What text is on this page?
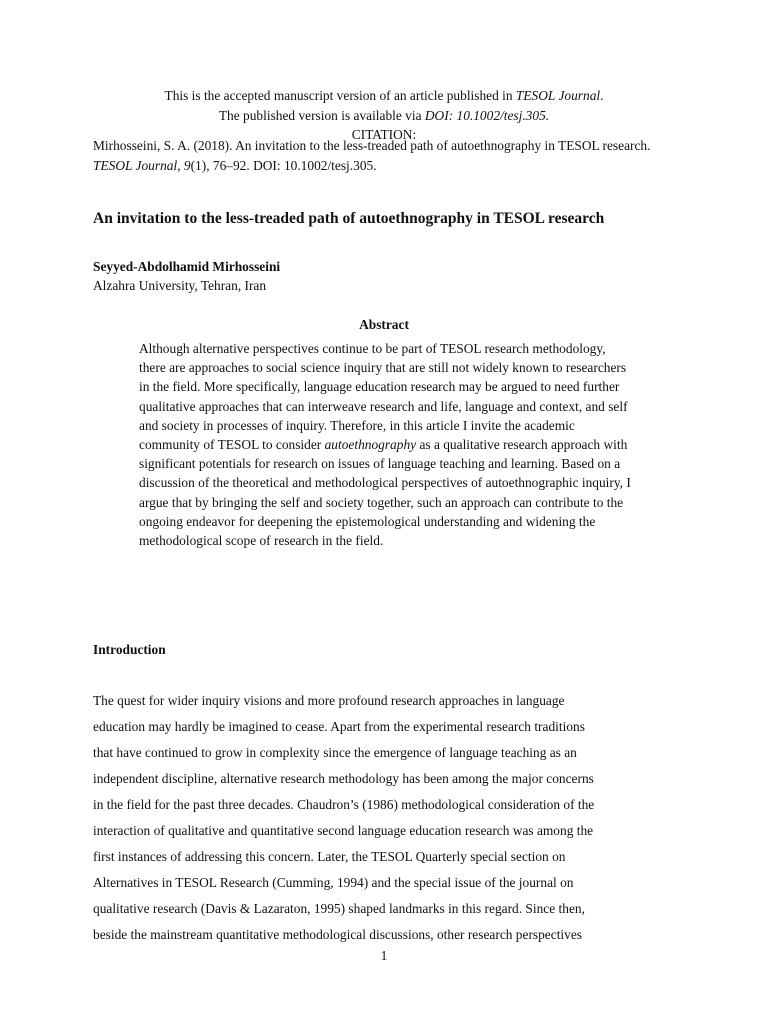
This is the accepted manuscript version of an article published in TESOL Journal.
The published version is available via DOI: 10.1002/tesj.305.
CITATION:
Mirhosseini, S. A. (2018). An invitation to the less-treaded path of autoethnography in TESOL research. TESOL Journal, 9(1), 76–92. DOI: 10.1002/tesj.305.
An invitation to the less-treaded path of autoethnography in TESOL research
Seyyed-Abdolhamid Mirhosseini
Alzahra University, Tehran, Iran
Abstract
Although alternative perspectives continue to be part of TESOL research methodology, there are approaches to social science inquiry that are still not widely known to researchers in the field. More specifically, language education research may be argued to need further qualitative approaches that can interweave research and life, language and context, and self and society in processes of inquiry. Therefore, in this article I invite the academic community of TESOL to consider autoethnography as a qualitative research approach with significant potentials for research on issues of language teaching and learning. Based on a discussion of the theoretical and methodological perspectives of autoethnographic inquiry, I argue that by bringing the self and society together, such an approach can contribute to the ongoing endeavor for deepening the epistemological understanding and widening the methodological scope of research in the field.
Introduction
The quest for wider inquiry visions and more profound research approaches in language
education may hardly be imagined to cease. Apart from the experimental research traditions
that have continued to grow in complexity since the emergence of language teaching as an
independent discipline, alternative research methodology has been among the major concerns
in the field for the past three decades. Chaudron’s (1986) methodological consideration of the
interaction of qualitative and quantitative second language education research was among the
first instances of addressing this concern. Later, the TESOL Quarterly special section on
Alternatives in TESOL Research (Cumming, 1994) and the special issue of the journal on
qualitative research (Davis & Lazaraton, 1995) shaped landmarks in this regard. Since then,
beside the mainstream quantitative methodological discussions, other research perspectives
1
